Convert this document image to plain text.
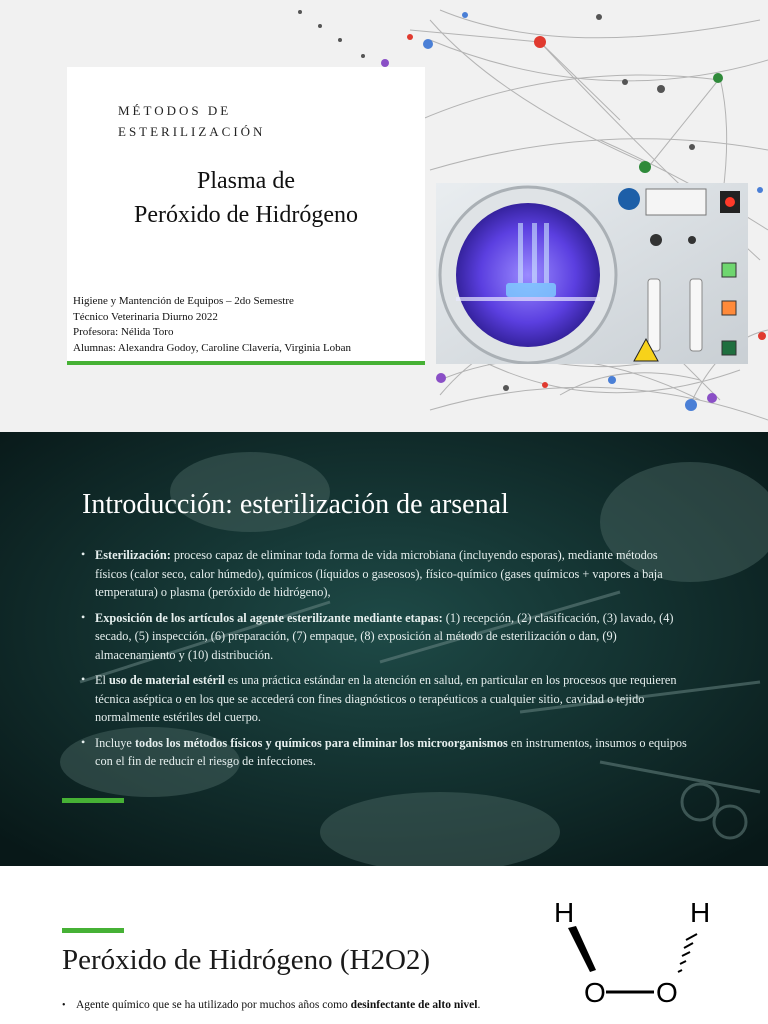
MÉTODOS DE
ESTERILIZACIÓN
Plasma de
Peróxido de Hidrógeno
Higiene y Mantención de Equipos – 2do Semestre
Técnico Veterinaria Diurno 2022
Profesora: Nélida Toro
Alumnas: Alexandra Godoy, Caroline Clavería, Virginia Loban
Introducción: esterilización de arsenal
• Esterilización: proceso capaz de eliminar toda forma de vida microbiana (incluyendo esporas), mediante métodos físicos (calor seco, calor húmedo), químicos (líquidos o gaseosos), físico-químico (gases químicos + vapores a baja temperatura) o plasma (peróxido de hidrógeno),
• Exposición de los artículos al agente esterilizante mediante etapas: (1) recepción, (2) clasificación, (3) lavado, (4) secado, (5) inspección, (6) preparación, (7) empaque, (8) exposición al método de esterilización o dan, (9) almacenamiento y (10) distribución.
• El uso de material estéril es una práctica estándar en la atención en salud, en particular en los procesos que requieren técnica aséptica o en los que se accederá con fines diagnósticos o terapéuticos a cualquier sitio, cavidad o tejido normalmente estériles del cuerpo.
• Incluye todos los métodos físicos y químicos para eliminar los microorganismos en instrumentos, insumos o equipos con el fin de reducir el riesgo de infecciones.
Peróxido de Hidrógeno (H2O2)
• Agente químico que se ha utilizado por muchos años como desinfectante de alto nivel.
H	H
O O
